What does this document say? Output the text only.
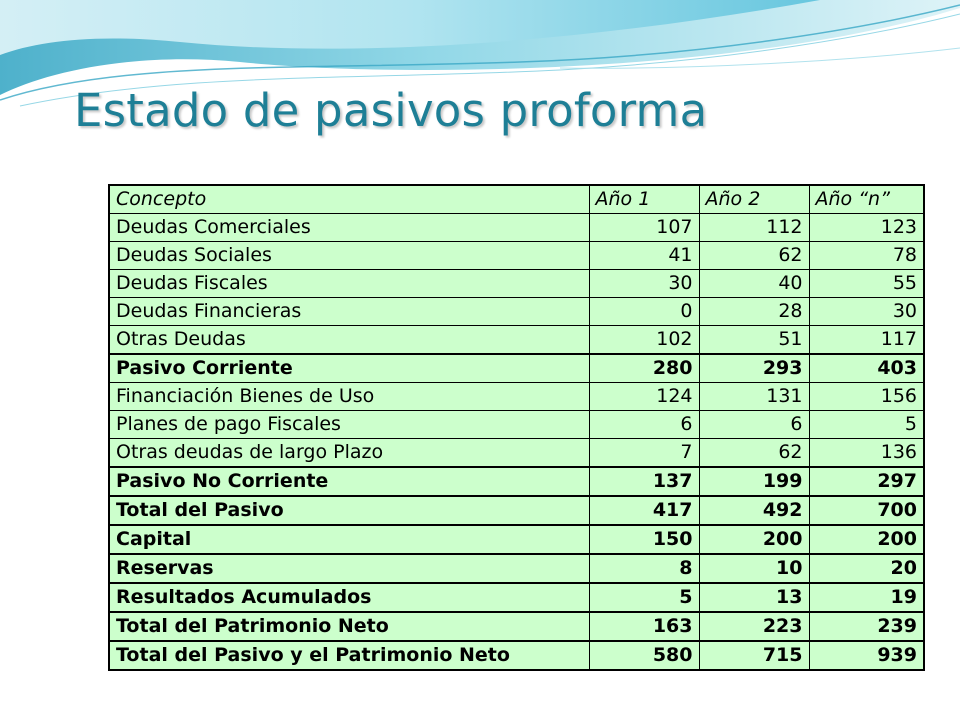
Estado de pasivos proforma
Concepto	Año 1	Año 2	Año “n”
Deudas Comerciales	107	112	123
Deudas Sociales	41	62	78
Deudas Fiscales	30	40	55
Deudas Financieras	0	28	30
Otras Deudas	102	51	117
Pasivo Corriente	280	293	403
Financiación Bienes de Uso	124	131	156
Planes de pago Fiscales	6	6	5
Otras deudas de largo Plazo	7	62	136
Pasivo No Corriente	137	199	297
Total del Pasivo	417	492	700
Capital	150	200	200
Reservas	8	10	20
Resultados Acumulados	5	13	19
Total del Patrimonio Neto	163	223	239
Total del Pasivo y el Patrimonio Neto	580	715	939
